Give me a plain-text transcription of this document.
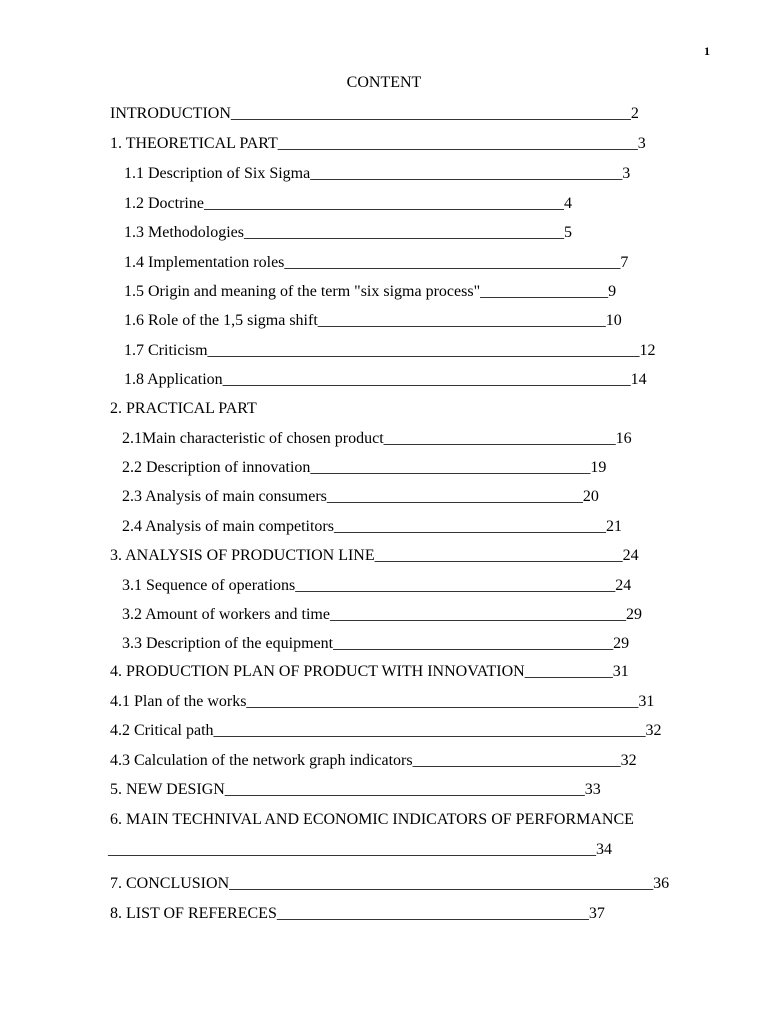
1
CONTENT
INTRODUCTION__________________________________________________2
1. THEORETICAL PART_____________________________________________3
1.1 Description of Six Sigma_______________________________________3
1.2 Doctrine_____________________________________________4
1.3 Methodologies________________________________________5
1.4 Implementation roles__________________________________________7
1.5 Origin and meaning of the term "six sigma process"________________9
1.6 Role of the 1,5 sigma shift____________________________________10
1.7 Criticism______________________________________________________12
1.8 Application___________________________________________________14
2. PRACTICAL PART
2.1Main characteristic of chosen product_____________________________16
2.2 Description of innovation___________________________________19
2.3 Analysis of main consumers________________________________20
2.4 Analysis of main competitors__________________________________21
3. ANALYSIS OF PRODUCTION LINE_______________________________24
3.1 Sequence of operations________________________________________24
3.2 Amount of workers and time_____________________________________29
3.3 Description of the equipment___________________________________29
4. PRODUCTION PLAN OF PRODUCT WITH INNOVATION___________31
4.1 Plan of the works_________________________________________________31
4.2 Critical path______________________________________________________32
4.3 Calculation of the network graph indicators__________________________32
5. NEW DESIGN_____________________________________________33
6. MAIN TECHNIVAL AND ECONOMIC INDICATORS OF PERFORMANCE
_____________________________________________________________34
7. CONCLUSION_____________________________________________________36
8. LIST OF REFERECES_______________________________________37
